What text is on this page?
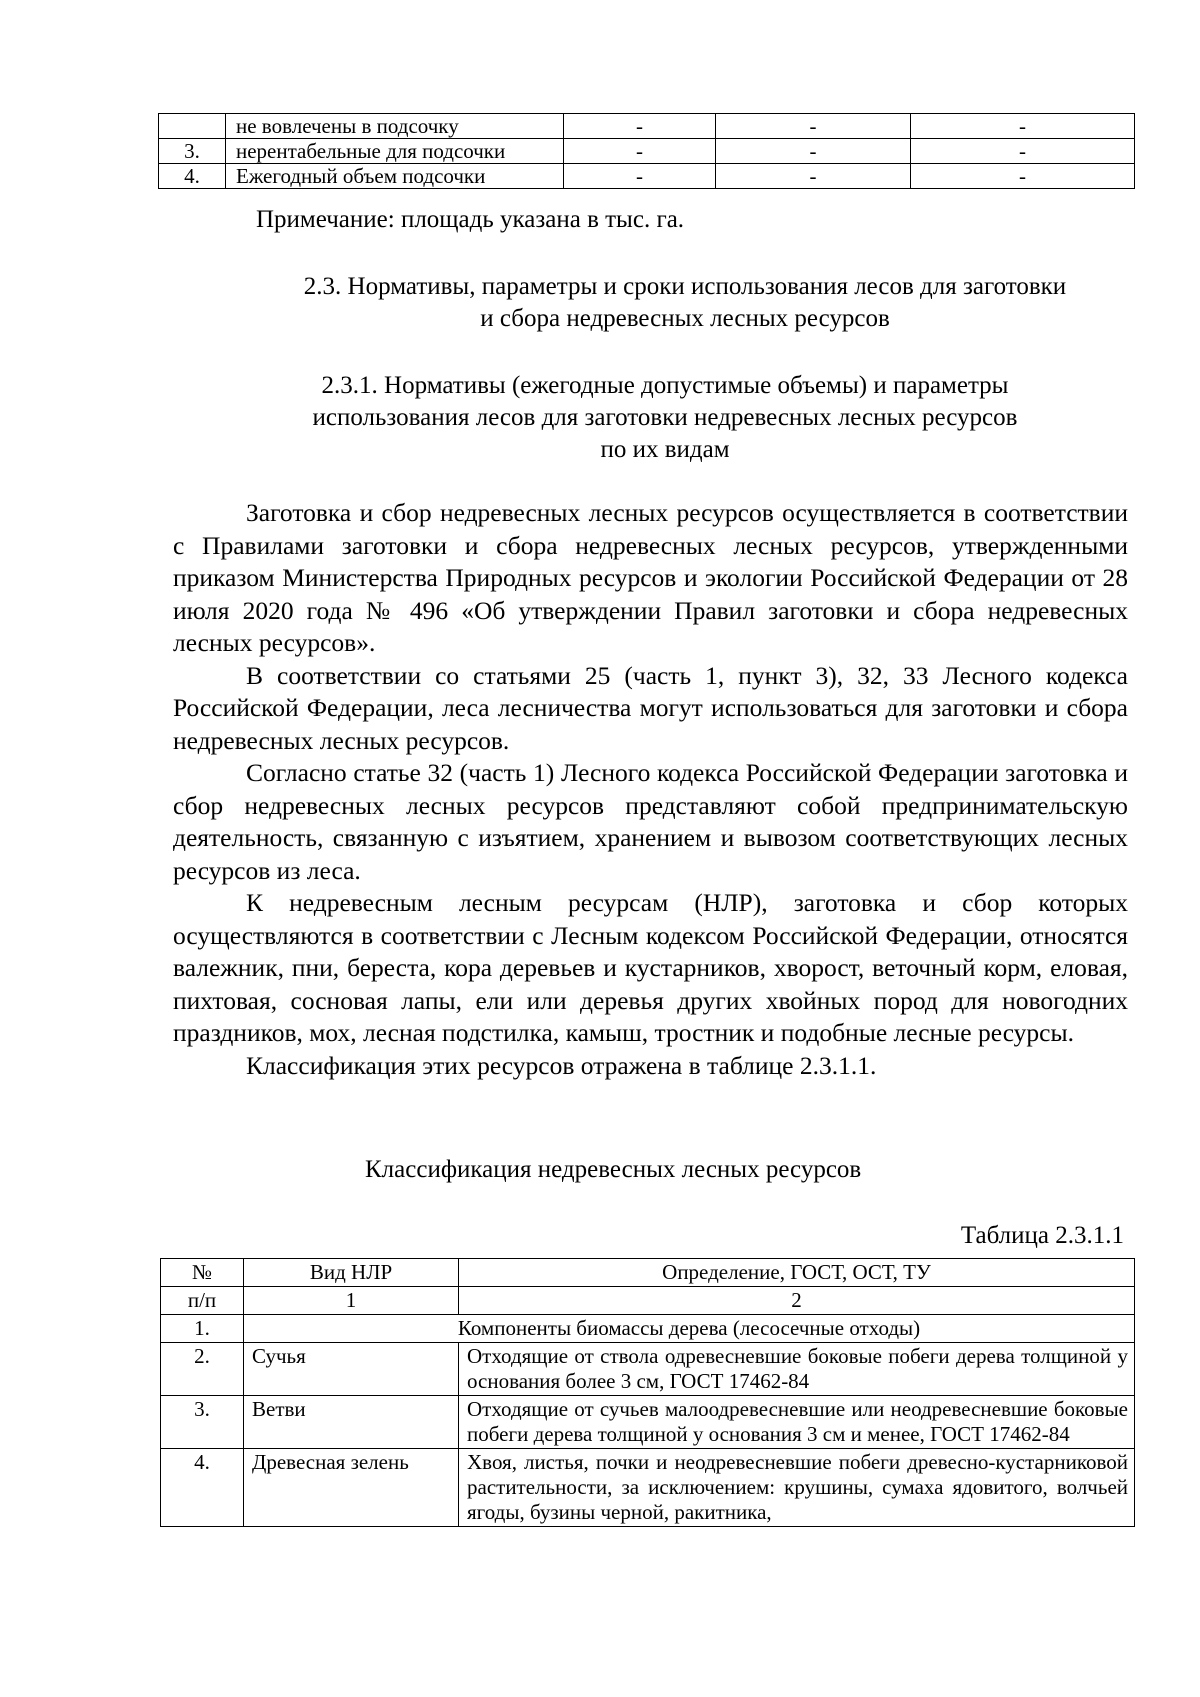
	не вовлечены в подсочку	-	-	-
3.	нерентабельные для подсочки	-	-	-
4.	Ежегодный объем подсочки	-	-	-
Примечание: площадь указана в тыс. га.
2.3. Нормативы, параметры и сроки использования лесов для заготовки
и сбора недревесных лесных ресурсов
2.3.1. Нормативы (ежегодные допустимые объемы) и параметры
использования лесов для заготовки недревесных лесных ресурсов
по их видам

Заготовка и сбор недревесных лесных ресурсов осуществляется в соответствии с Правилами заготовки и сбора недревесных лесных ресурсов, утвержденными приказом Министерства Природных ресурсов и экологии Российской Федерации от 28 июля 2020 года № 496 «Об утверждении Правил заготовки и сбора недревесных лесных ресурсов».

В соответствии со статьями 25 (часть 1, пункт 3), 32, 33 Лесного кодекса Российской Федерации, леса лесничества могут использоваться для заготовки и сбора недревесных лесных ресурсов.

Согласно статье 32 (часть 1) Лесного кодекса Российской Федерации заготовка и сбор недревесных лесных ресурсов представляют собой предпринимательскую деятельность, связанную с изъятием, хранением и вывозом соответствующих лесных ресурсов из леса.

К недревесным лесным ресурсам (НЛР), заготовка и сбор которых осуществляются в соответствии с Лесным кодексом Российской Федерации, относятся валежник, пни, береста, кора деревьев и кустарников, хворост, веточный корм, еловая, пихтовая, сосновая лапы, ели или деревья других хвойных пород для новогодних праздников, мох, лесная подстилка, камыш, тростник и подобные лесные ресурсы.

Классификация этих ресурсов отражена в таблице 2.3.1.1.

Классификация недревесных лесных ресурсов
Таблица 2.3.1.1
№	Вид НЛР	Определение, ГОСТ, ОСТ, ТУ
п/п	1	2
1.	Компоненты биомассы дерева (лесосечные отходы)	
2.	Сучья	Отходящие от ствола одревесневшие боковые побеги дерева толщиной у основания более 3 см, ГОСТ 17462-84
3.	Ветви	Отходящие от сучьев малоодревесневшие или неодревесневшие боковые побеги дерева толщиной у основания 3 см и менее, ГОСТ 17462-84
4.	Древесная зелень	Хвоя, листья, почки и неодревесневшие побеги древесно-кустарниковой растительности, за исключением: крушины, сумаха ядовитого, волчьей ягоды, бузины черной, ракитника,
